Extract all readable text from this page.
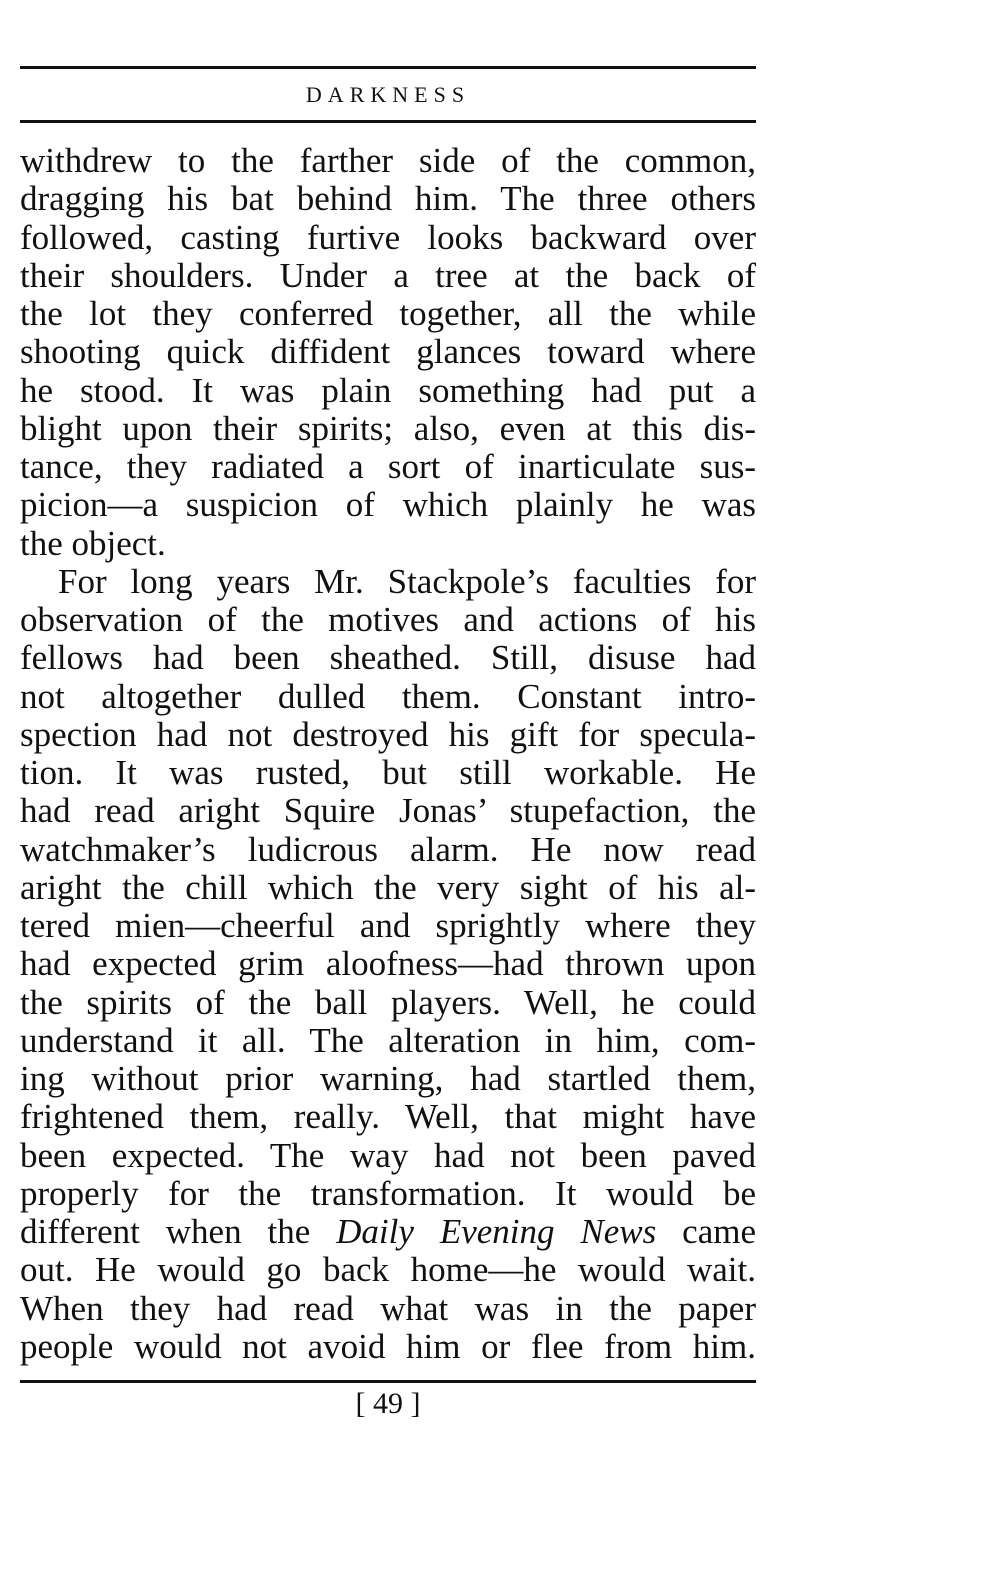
DARKNESS
withdrew to the farther side of the common,
dragging his bat behind him. The three others
followed, casting furtive looks backward over
their shoulders. Under a tree at the back of
the lot they conferred together, all the while
shooting quick diffident glances toward where
he stood. It was plain something had put a
blight upon their spirits; also, even at this dis-
tance, they radiated a sort of inarticulate sus-
picion—a suspicion of which plainly he was
the object.
For long years Mr. Stackpole’s faculties for
observation of the motives and actions of his
fellows had been sheathed. Still, disuse had
not altogether dulled them. Constant intro-
spection had not destroyed his gift for specula-
tion. It was rusted, but still workable. He
had read aright Squire Jonas’ stupefaction, the
watchmaker’s ludicrous alarm. He now read
aright the chill which the very sight of his al-
tered mien—cheerful and sprightly where they
had expected grim aloofness—had thrown upon
the spirits of the ball players. Well, he could
understand it all. The alteration in him, com-
ing without prior warning, had startled them,
frightened them, really. Well, that might have
been expected. The way had not been paved
properly for the transformation. It would be
different when the Daily Evening News came
out. He would go back home—he would wait.
When they had read what was in the paper
people would not avoid him or flee from him.
[ 49 ]
